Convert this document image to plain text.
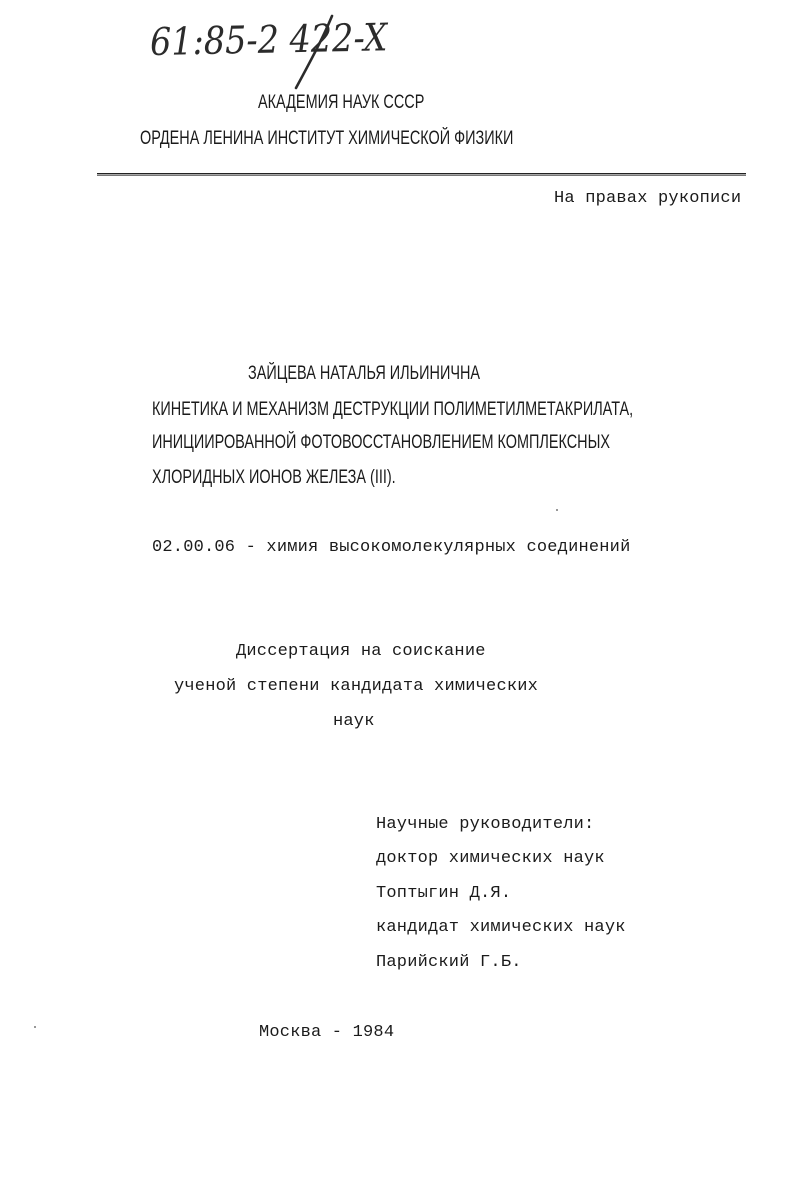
61:85-2 422-X
АКАДЕМИЯ НАУК СССР
ОРДЕНА ЛЕНИНА ИНСТИТУТ ХИМИЧЕСКОЙ ФИЗИКИ
На правах рукописи
ЗАЙЦЕВА НАТАЛЬЯ ИЛЬИНИЧНА
КИНЕТИКА И МЕХАНИЗМ ДЕСТРУКЦИИ ПОЛИМЕТИЛМЕТАКРИЛАТА,
ИНИЦИИРОВАННОЙ ФОТОВОССТАНОВЛЕНИЕМ КОМПЛЕКСНЫХ
ХЛОРИДНЫХ ИОНОВ ЖЕЛЕЗА (III).
02.00.06 - химия высокомолекулярных соединений
Диссертация на соискание
ученой степени кандидата химических
наук
Научные руководители:
доктор химических наук
Топтыгин Д.Я.
кандидат химических наук
Парийский Г.Б.
Москва - 1984
